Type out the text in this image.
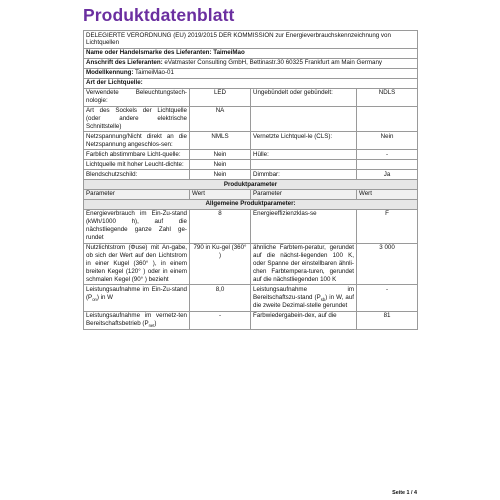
Produktdatenblatt
DELEGIERTE VERORDNUNG (EU) 2019/2015 DER KOMMISSION zur Energieverbrauchskennzeichnung von Lichtquellen			
Name oder Handelsmarke des Lieferanten: TaimeiMao			
Anschrift des Lieferanten: eVatmaster Consulting GmbH, Bettinastr.30 60325 Frankfurt am Main Germany			
Modellkennung: TaimeiMao-01			
Art der Lichtquelle:			
Verwendete Beleuchtungstech-nologie:	LED	Ungebündelt oder gebündelt:	NDLS
Art des Sockels der Lichtquelle (oder andere elektrische Schnittstelle)	NA		
Netzspannung/Nicht direkt an die Netzspannung angeschlos-sen:	NMLS	Vernetzte Lichtquel-le (CLS):	Nein
Farblich abstimmbare Licht-quelle:	Nein	Hülle:	-
Lichtquelle mit hoher Leucht-dichte:	Nein		
Blendschutzschild:	Nein	Dimmbar:	Ja
Produktparameter			
Parameter	Wert	Parameter	Wert
Allgemeine Produktparameter:			
Energieverbrauch im Ein-Zu-stand (kWh/1000 h), auf die nächstliegende ganze Zahl ge-rundet	8	Energieeffizienzklas-se	F
Nutzlichtstrom (Φuse) mit An-gabe, ob sich der Wert auf den Lichtstrom in einer Kugel (360° ), in einem breiten Kegel (120° ) oder in einem schmalen Kegel (90° ) bezieht	790 in Ku-gel (360° )	ähnliche Farbtem-peratur, gerundet auf die nächst-liegenden 100 K, oder Spanne der einstellbaren ähnli-chen Farbtempera-turen, gerundet auf die nächstliegenden 100 K	3 000
Leistungsaufnahme im Ein-Zu-stand $(P_{on})$ in W	8,0	Leistungsaufnahme im Bereitschaftszu-stand $(P_{sb})$ in W, auf die zweite Dezimal-stelle gerundet	-
Leistungsaufnahme im vernetz-ten Bereitschaftsbetrieb $(P_{net})$	-	Farbwiedergabein-dex, auf die	81
Seite 1 / 4
